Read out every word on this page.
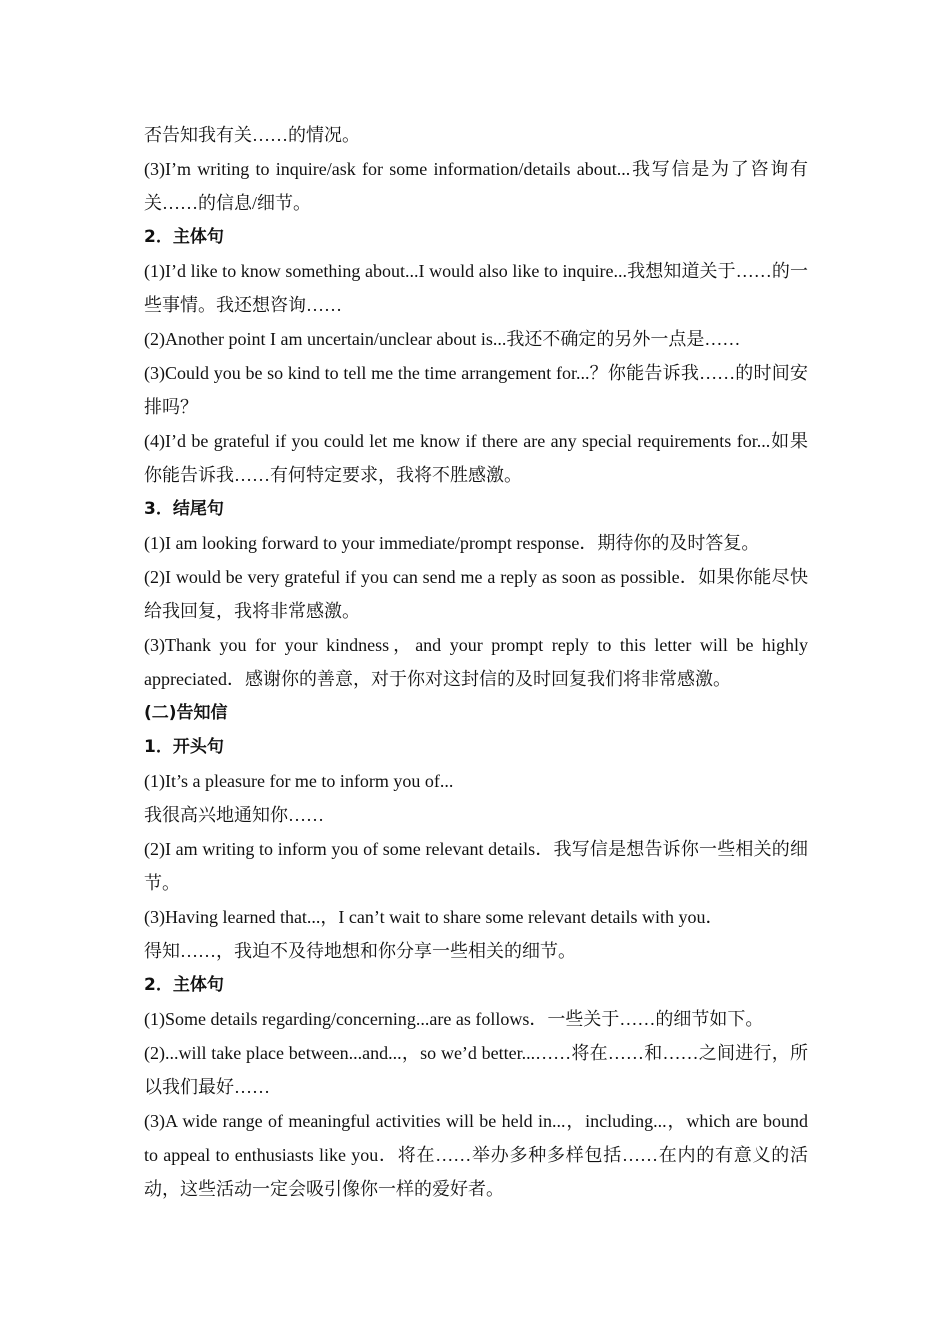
否告知我有关……的情况。

(3)I’m writing to inquire/ask for some information/details about...我写信是为了咨询有关……的信息/细节。

2．主体句

(1)I’d like to know something about...I would also like to inquire...我想知道关于……的一些事情。我还想咨询……

(2)Another point I am uncertain/unclear about is...我还不确定的另外一点是……

(3)Could you be so kind to tell me the time arrangement for...？你能告诉我……的时间安排吗？

(4)I’d be grateful if you could let me know if there are any special requirements for...如果你能告诉我……有何特定要求，我将不胜感激。

3．结尾句

(1)I am looking forward to your immediate/prompt response．期待你的及时答复。

(2)I would be very grateful if you can send me a reply as soon as possible．如果你能尽快给我回复，我将非常感激。

(3)Thank you for your kindness，and your prompt reply to this letter will be highly appreciated．感谢你的善意，对于你对这封信的及时回复我们将非常感激。

(二)告知信

1．开头句

(1)It’s a pleasure for me to inform you of...

我很高兴地通知你……

(2)I am writing to inform you of some relevant details．我写信是想告诉你一些相关的细节。

(3)Having learned that...，I can’t wait to share some relevant details with you．

得知……，我迫不及待地想和你分享一些相关的细节。

2．主体句

(1)Some details regarding/concerning...are as follows．一些关于……的细节如下。

(2)...will take place between...and...，so we’d better...……将在……和……之间进行，所以我们最好……

(3)A wide range of meaningful activities will be held in...，including...，which are bound to appeal to enthusiasts like you．将在……举办多种多样包括……在内的有意义的活动，这些活动一定会吸引像你一样的爱好者。
